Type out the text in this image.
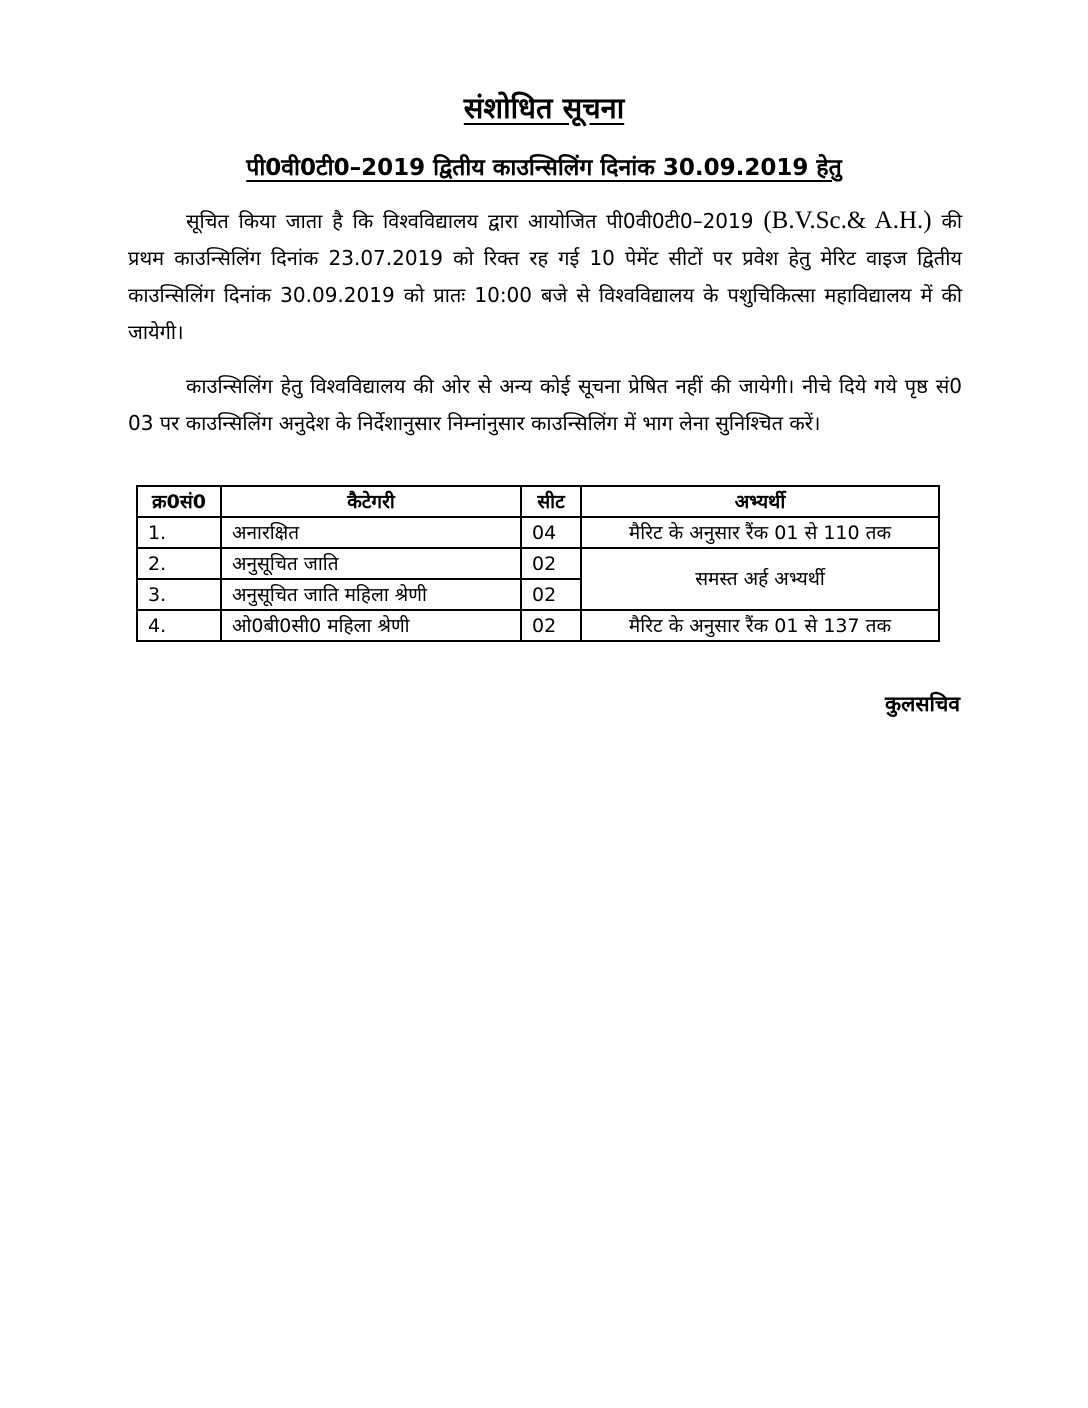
संशोधित सूचना
पी0वी0टी0–2019 द्वितीय काउन्सिलिंग दिनांक 30.09.2019 हेतु
सूचित किया जाता है कि विश्वविद्यालय द्वारा आयोजित पी0वी0टी0–2019 (B.V.Sc.& A.H.) की प्रथम काउन्सिलिंग दिनांक 23.07.2019 को रिक्त रह गई 10 पेमेंट सीटों पर प्रवेश हेतु मेरिट वाइज द्वितीय काउन्सिलिंग दिनांक 30.09.2019 को प्रातः 10:00 बजे से विश्वविद्यालय के पशुचिकित्सा महाविद्यालय में की जायेगी।
काउन्सिलिंग हेतु विश्वविद्यालय की ओर से अन्य कोई सूचना प्रेषित नहीं की जायेगी। नीचे दिये गये पृष्ठ सं0 03 पर काउन्सिलिंग अनुदेश के निर्देशानुसार निम्नांनुसार काउन्सिलिंग में भाग लेना सुनिश्चित करें।
क्र0सं0	कैटेगरी	सीट	अभ्यर्थी
1.	अनारक्षित	04	मैरिट के अनुसार रैंक 01 से 110 तक
2.	अनुसूचित जाति	02	समस्त अर्ह अभ्यर्थी
3.	अनुसूचित जाति महिला श्रेणी	02	
4.	ओ0बी0सी0 महिला श्रेणी	02	मैरिट के अनुसार रैंक 01 से 137 तक
कुलसचिव
